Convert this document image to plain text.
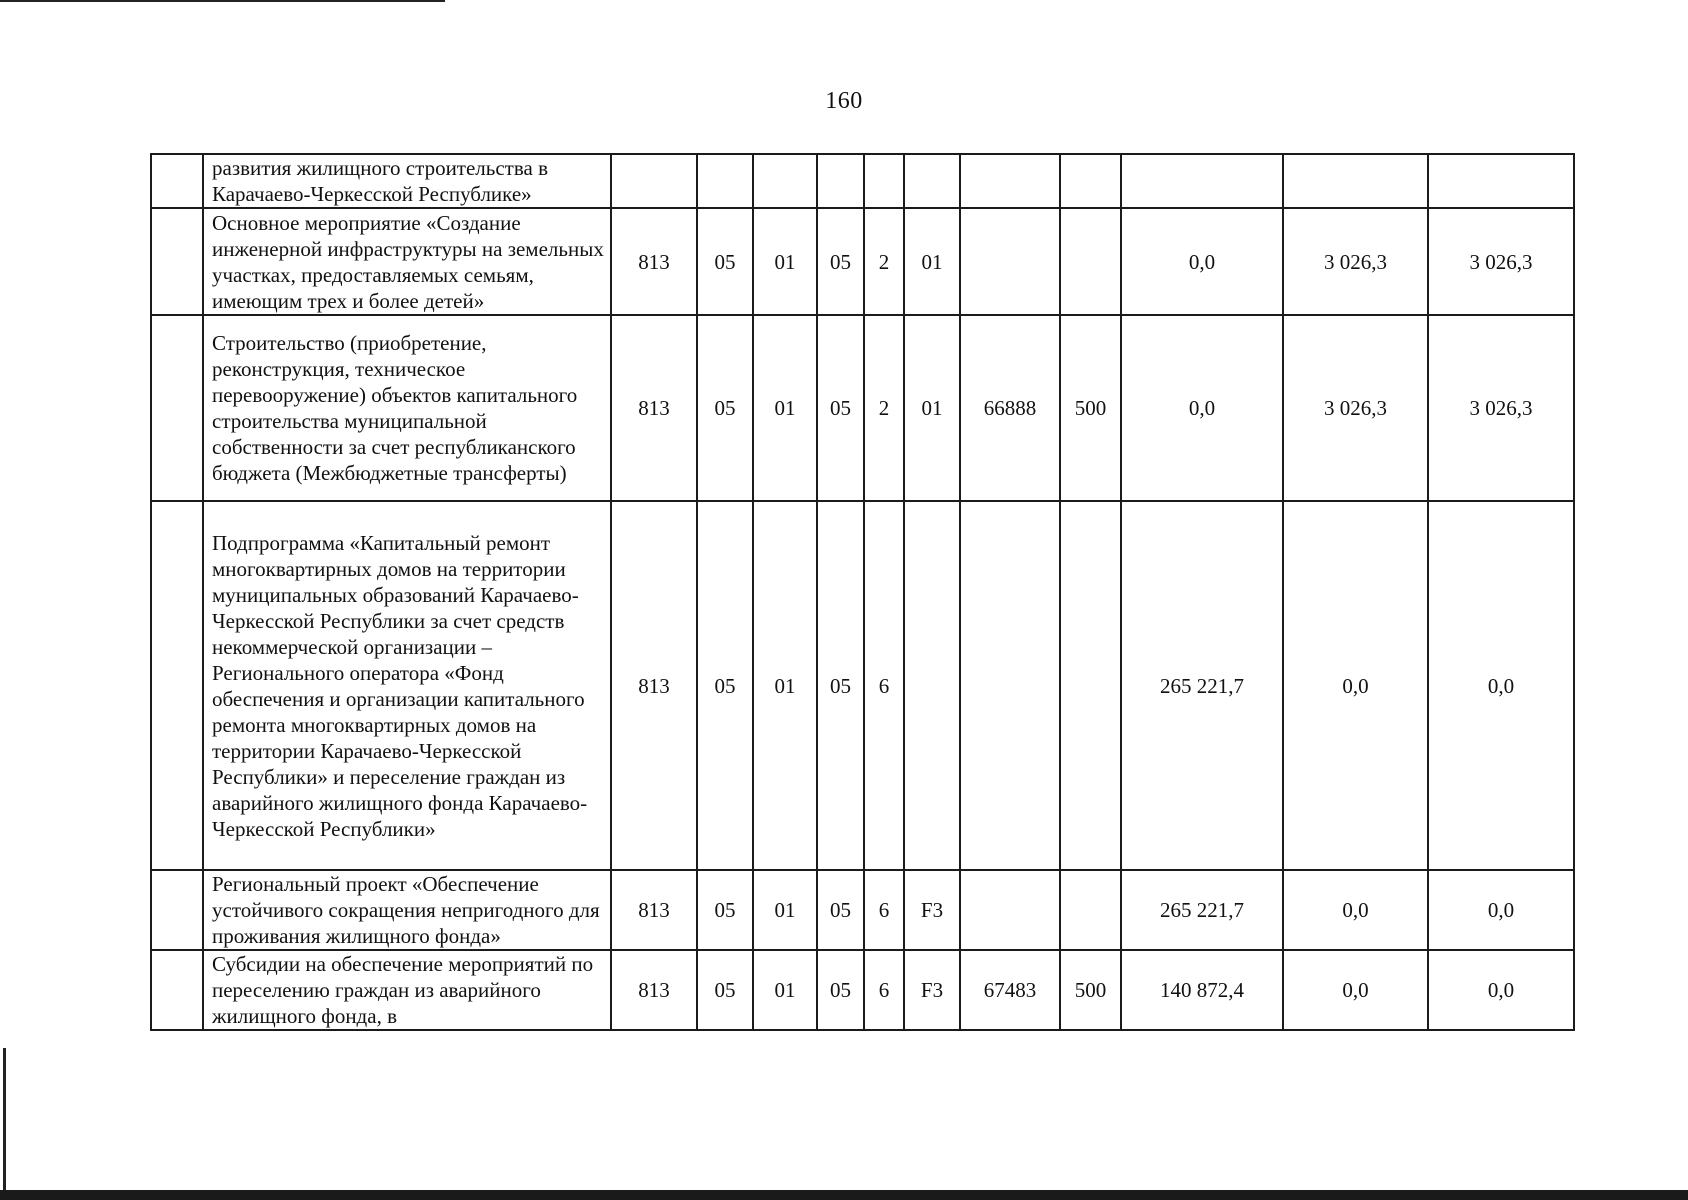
160
	развития жилищного строительства в Карачаево-Черкесской Республике»											
	Основное мероприятие «Создание инженерной инфраструктуры на земельных участках, предоставляемых семьям, имеющим трех и более детей»	813	05	01	05	2	01			0,0	3 026,3	3 026,3
	Строительство (приобретение, реконструкция, техническое перевооружение) объектов капитального строительства муниципальной собственности за счет республиканского бюджета (Межбюджетные трансферты)	813	05	01	05	2	01	66888	500	0,0	3 026,3	3 026,3
	Подпрограмма «Капитальный ремонт многоквартирных домов на территории муниципальных образований Карачаево-Черкесской Республики за счет средств некоммерческой организации – Регионального оператора «Фонд обеспечения и организации капитального ремонта многоквартирных домов на территории Карачаево-Черкесской Республики» и переселение граждан из аварийного жилищного фонда Карачаево-Черкесской Республики»	813	05	01	05	6				265 221,7	0,0	0,0
	Региональный проект «Обеспечение устойчивого сокращения непригодного для проживания жилищного фонда»	813	05	01	05	6	F3			265 221,7	0,0	0,0
	Субсидии на обеспечение мероприятий по переселению граждан из аварийного жилищного фонда, в	813	05	01	05	6	F3	67483	500	140 872,4	0,0	0,0
